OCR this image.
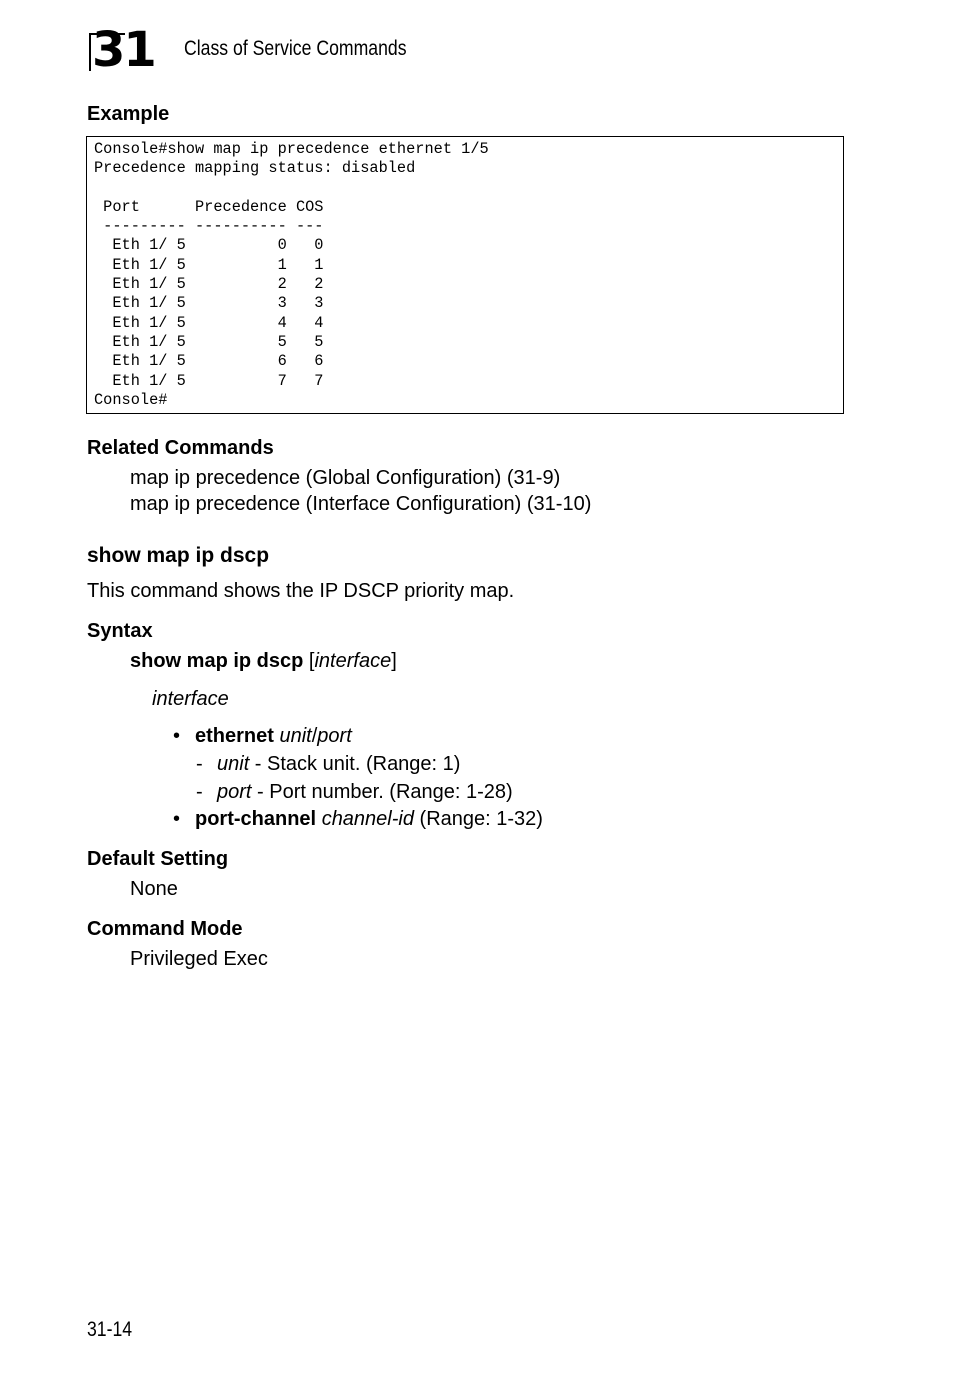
31 Class of Service Commands
Example
Console#show map ip precedence ethernet 1/5
Precedence mapping status: disabled

Port      Precedence COS
--------- ---------- ---
Eth 1/ 5          0   0
Eth 1/ 5          1   1
Eth 1/ 5          2   2
Eth 1/ 5          3   3
Eth 1/ 5          4   4
Eth 1/ 5          5   5
Eth 1/ 5          6   6
Eth 1/ 5          7   7
Console#
Related Commands
map ip precedence (Global Configuration) (31-9)
map ip precedence (Interface Configuration) (31-10)
show map ip dscp
This command shows the IP DSCP priority map.
Syntax
show map ip dscp [interface]
interface
• ethernet unit/port
- unit - Stack unit. (Range: 1)
- port - Port number. (Range: 1-28)
• port-channel channel-id (Range: 1-32)
Default Setting
None
Command Mode
Privileged Exec
31-14
